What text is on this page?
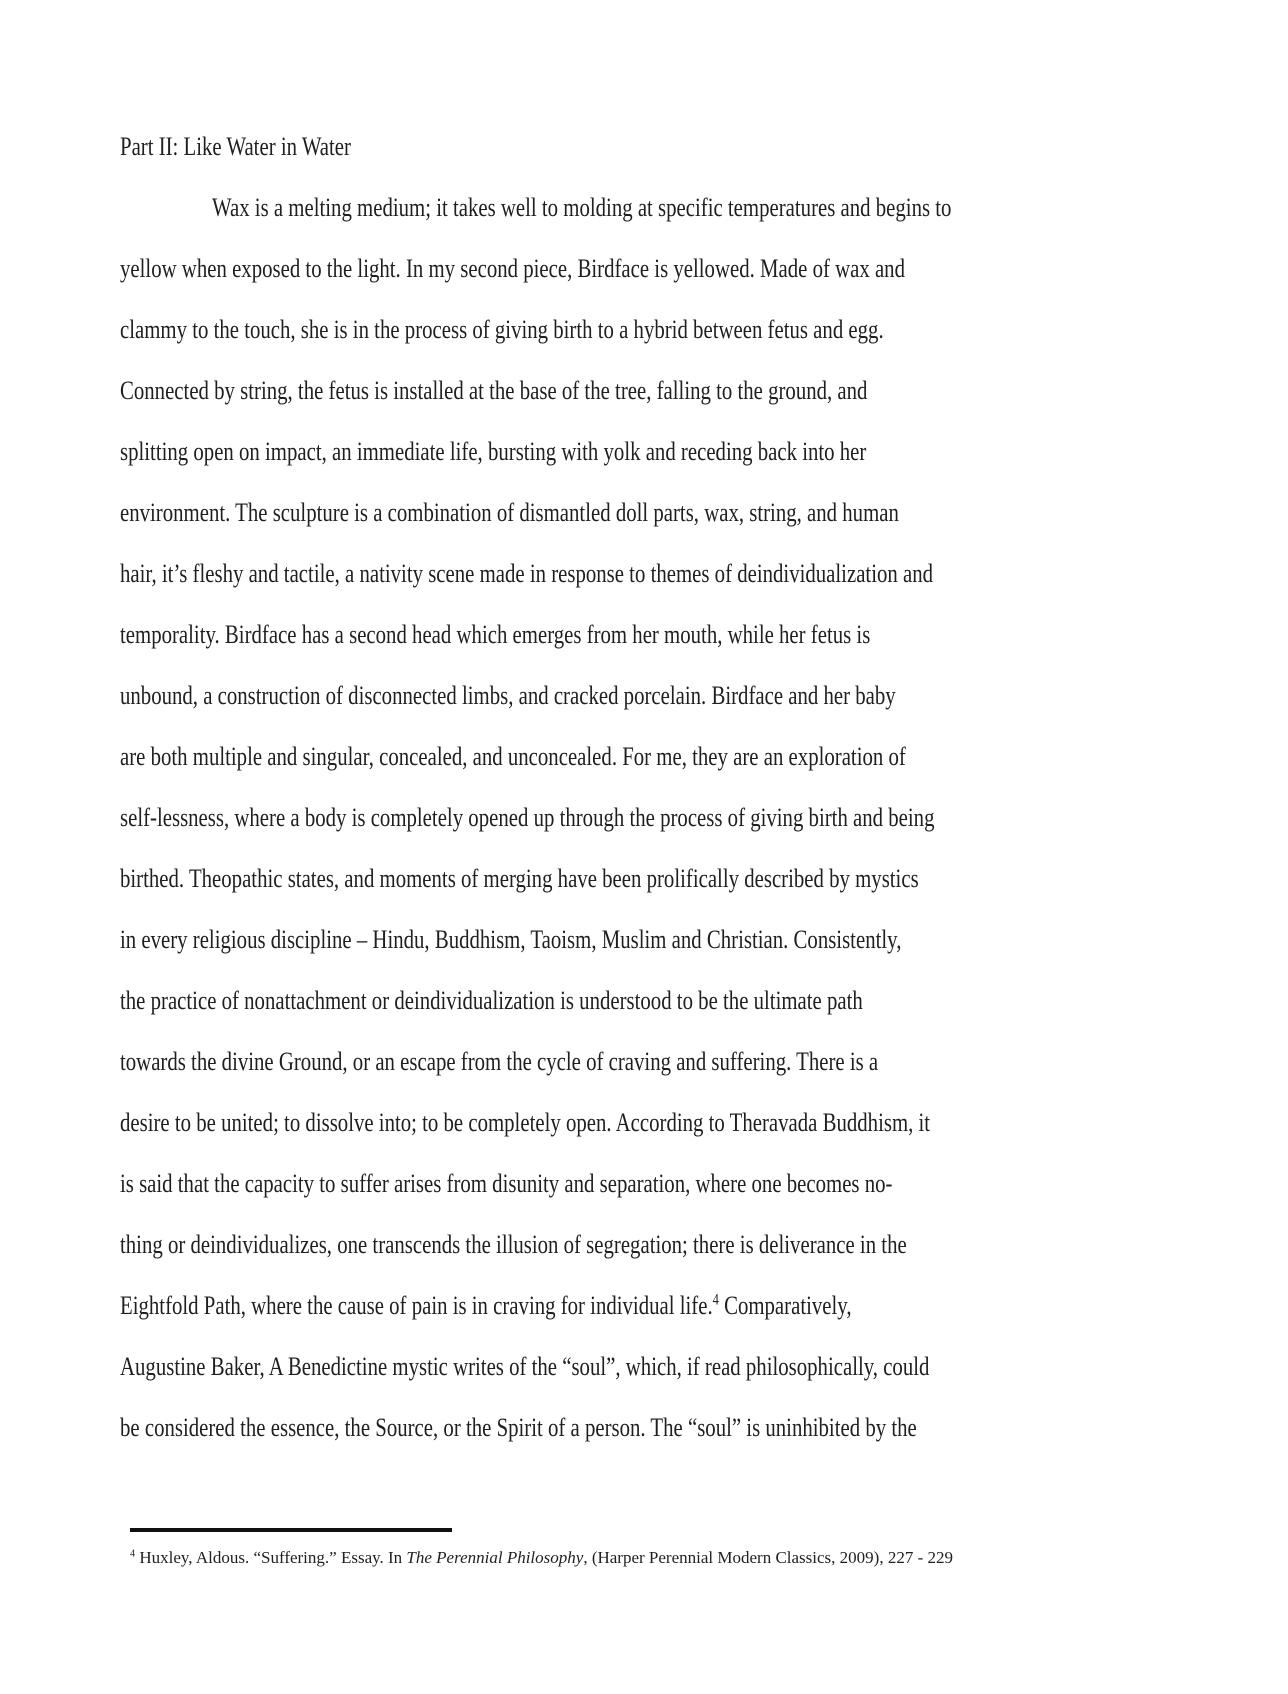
Part II: Like Water in Water
Wax is a melting medium; it takes well to molding at specific temperatures and begins to
yellow when exposed to the light. In my second piece, Birdface is yellowed. Made of wax and
clammy to the touch, she is in the process of giving birth to a hybrid between fetus and egg.
Connected by string, the fetus is installed at the base of the tree, falling to the ground, and
splitting open on impact, an immediate life, bursting with yolk and receding back into her
environment. The sculpture is a combination of dismantled doll parts, wax, string, and human
hair, it’s fleshy and tactile, a nativity scene made in response to themes of deindividualization and
temporality. Birdface has a second head which emerges from her mouth, while her fetus is
unbound, a construction of disconnected limbs, and cracked porcelain. Birdface and her baby
are both multiple and singular, concealed, and unconcealed. For me, they are an exploration of
self-lessness, where a body is completely opened up through the process of giving birth and being
birthed. Theopathic states, and moments of merging have been prolifically described by mystics
in every religious discipline – Hindu, Buddhism, Taoism, Muslim and Christian. Consistently,
the practice of nonattachment or deindividualization is understood to be the ultimate path
towards the divine Ground, or an escape from the cycle of craving and suffering. There is a
desire to be united; to dissolve into; to be completely open. According to Theravada Buddhism, it
is said that the capacity to suffer arises from disunity and separation, where one becomes no-
thing or deindividualizes, one transcends the illusion of segregation; there is deliverance in the
Eightfold Path, where the cause of pain is in craving for individual life.$^4$ Comparatively,
Augustine Baker, A Benedictine mystic writes of the “soul”, which, if read philosophically, could
be considered the essence, the Source, or the Spirit of a person. The “soul” is uninhibited by the

$^4$ Huxley, Aldous. “Suffering.” Essay. In The Perennial Philosophy, (Harper Perennial Modern Classics, 2009), 227 - 229
